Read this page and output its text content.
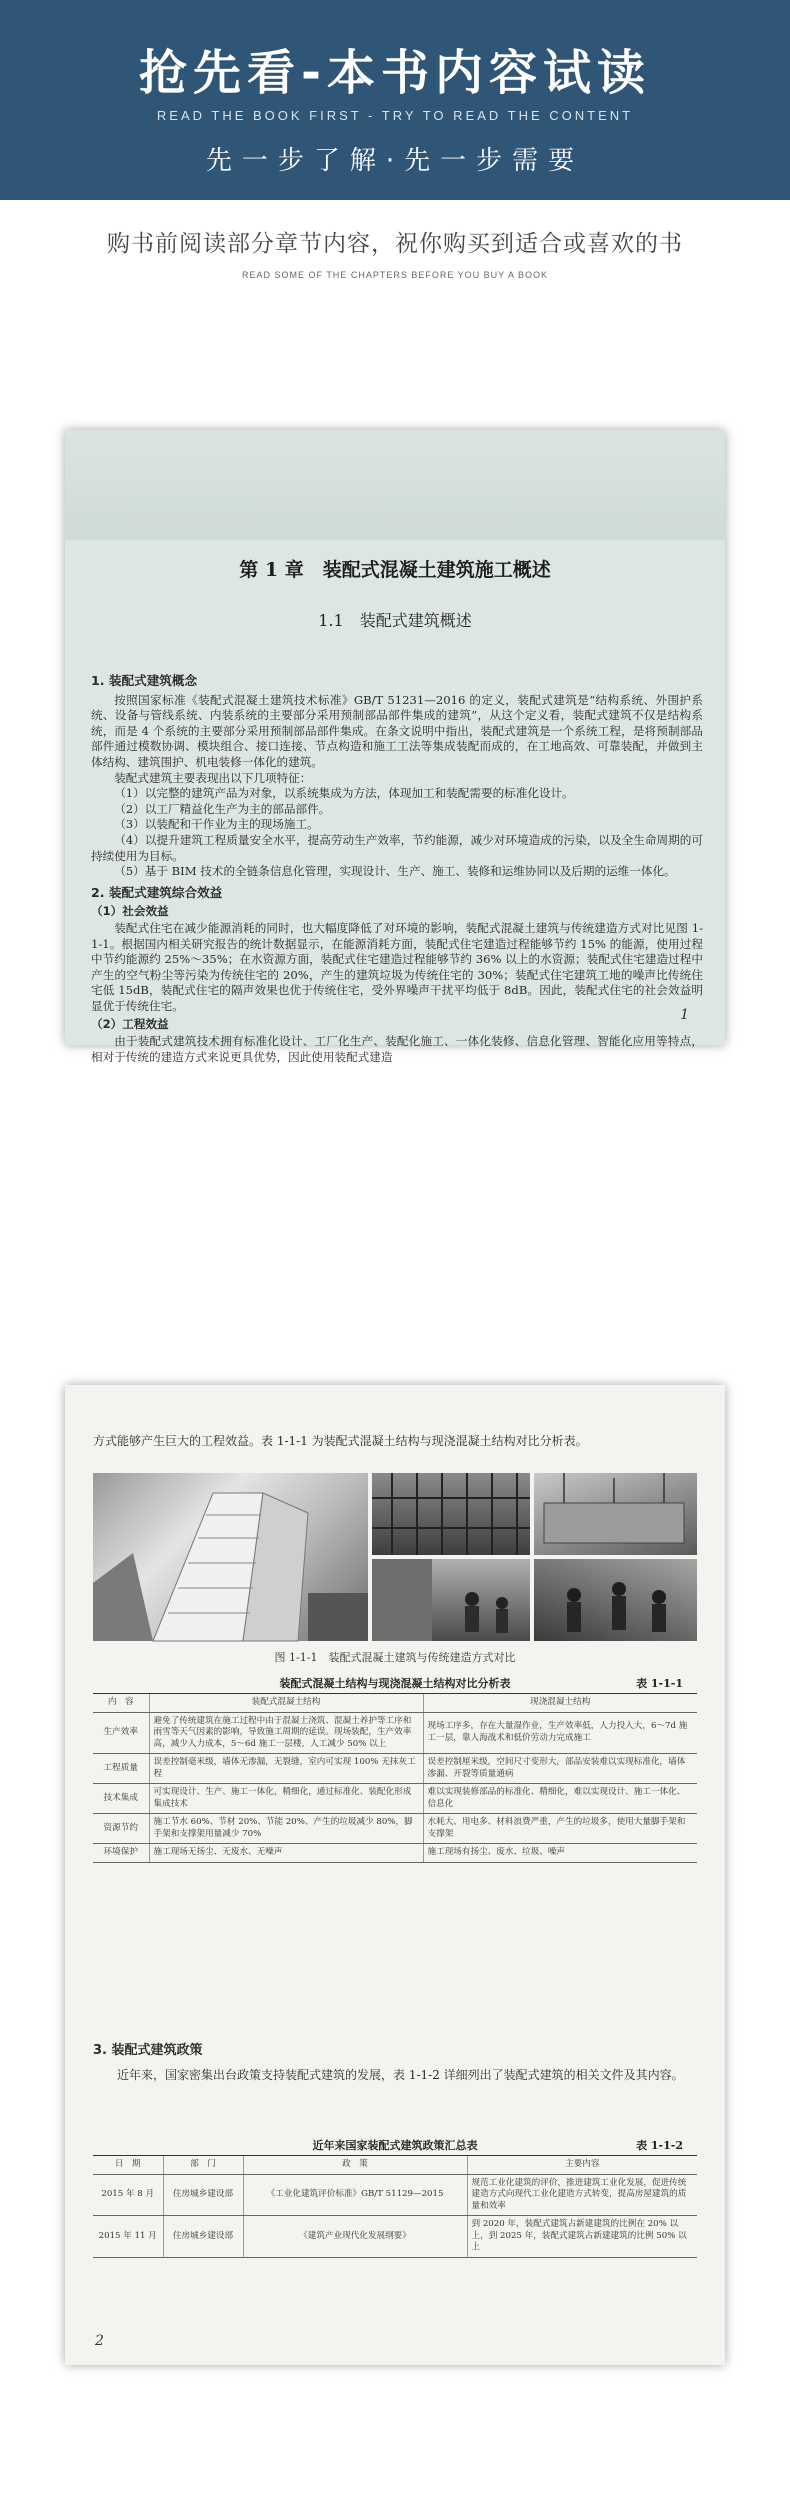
抢先看-本书内容试读
READ THE BOOK FIRST - TRY TO READ THE CONTENT
先一步了解·先一步需要
购书前阅读部分章节内容，祝你购买到适合或喜欢的书
READ SOME OF THE CHAPTERS BEFORE YOU BUY A BOOK
第 1 章　装配式混凝土建筑施工概述
1.1　装配式建筑概述
1. 装配式建筑概念

按照国家标准《装配式混凝土建筑技术标准》GB/T 51231—2016 的定义，装配式建筑是“结构系统、外围护系统、设备与管线系统、内装系统的主要部分采用预制部品部件集成的建筑”，从这个定义看，装配式建筑不仅是结构系统，而是 4 个系统的主要部分采用预制部品部件集成。在条文说明中指出，装配式建筑是一个系统工程，是将预制部品部件通过模数协调、模块组合、接口连接、节点构造和施工工法等集成装配而成的，在工地高效、可靠装配，并做到主体结构、建筑围护、机电装修一体化的建筑。

装配式建筑主要表现出以下几项特征：

（1）以完整的建筑产品为对象，以系统集成为方法，体现加工和装配需要的标准化设计。

（2）以工厂精益化生产为主的部品部件。

（3）以装配和干作业为主的现场施工。

（4）以提升建筑工程质量安全水平，提高劳动生产效率，节约能源，减少对环境造成的污染，以及全生命周期的可持续使用为目标。

（5）基于 BIM 技术的全链条信息化管理，实现设计、生产、施工、装修和运维协同以及后期的运维一体化。

2. 装配式建筑综合效益
（1）社会效益

装配式住宅在减少能源消耗的同时，也大幅度降低了对环境的影响，装配式混凝土建筑与传统建造方式对比见图 1-1-1。根据国内相关研究报告的统计数据显示，在能源消耗方面，装配式住宅建造过程能够节约 15% 的能源，使用过程中节约能源约 25%～35%；在水资源方面，装配式住宅建造过程能够节约 36% 以上的水资源；装配式住宅建造过程中产生的空气粉尘等污染为传统住宅的 20%，产生的建筑垃圾为传统住宅的 30%；装配式住宅建筑工地的噪声比传统住宅低 15dB，装配式住宅的隔声效果也优于传统住宅，受外界噪声干扰平均低于 8dB。因此，装配式住宅的社会效益明显优于传统住宅。

（2）工程效益

由于装配式建筑技术拥有标准化设计、工厂化生产、装配化施工、一体化装修、信息化管理、智能化应用等特点，相对于传统的建造方式来说更具优势，因此使用装配式建造

1

方式能够产生巨大的工程效益。表 1-1-1 为装配式混凝土结构与现浇混凝土结构对比分析表。

图 1-1-1　装配式混凝土建筑与传统建造方式对比
装配式混凝土结构与现浇混凝土结构对比分析表	表 1-1-1
内　容	装配式混凝土结构	现浇混凝土结构
生产效率	避免了传统建筑在施工过程中由于混凝土浇筑、混凝土养护等工序和雨雪等天气因素的影响，导致施工周期的延误。现场装配，生产效率高，减少人力成本，5～6d 施工一层楼，人工减少 50% 以上	现场工序多，存在大量湿作业，生产效率低，人力投入大，6～7d 施工一层，靠人海战术和低价劳动力完成施工
工程质量	误差控制毫米级，墙体无渗漏，无裂缝，室内可实现 100% 无抹灰工程	误差控制厘米级，空间尺寸变形大，部品安装难以实现标准化，墙体渗漏、开裂等质量通病
技术集成	可实现设计、生产、施工一体化，精细化，通过标准化、装配化形成集成技术	难以实现装修部品的标准化、精细化，难以实现设计、施工一体化、信息化
资源节约	施工节水 60%、节材 20%、节能 20%、产生的垃圾减少 80%，脚手架和支撑架用量减少 70%	水耗大、用电多、材料浪费严重，产生的垃圾多，使用大量脚手架和支撑架
环境保护	施工现场无扬尘、无废水、无噪声	施工现场有扬尘、废水、垃圾、噪声
3. 装配式建筑政策

近年来，国家密集出台政策支持装配式建筑的发展，表 1-1-2 详细列出了装配式建筑的相关文件及其内容。

近年来国家装配式建筑政策汇总表	表 1-1-2
日　期	部　门	政　策	主要内容
2015 年 8 月	住房城乡建设部	《工业化建筑评价标准》GB/T 51129—2015	规范工业化建筑的评价，推进建筑工业化发展，促进传统建造方式向现代工业化建造方式转变，提高房屋建筑的质量和效率
2015 年 11 月	住房城乡建设部	《建筑产业现代化发展纲要》	到 2020 年，装配式建筑占新建建筑的比例在 20% 以上，到 2025 年，装配式建筑占新建建筑的比例 50% 以上
2
